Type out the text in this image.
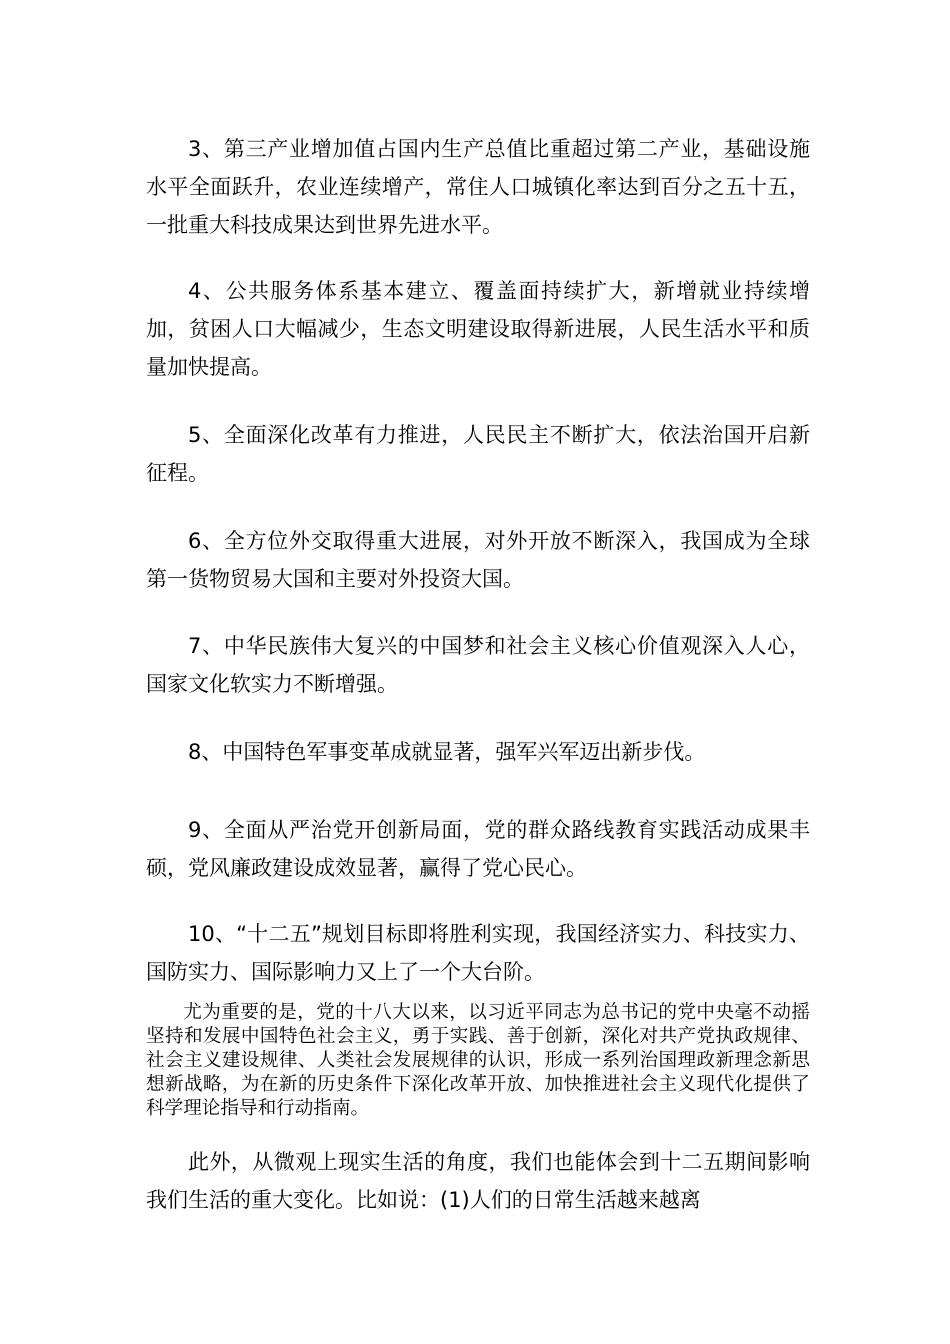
3、第三产业增加值占国内生产总值比重超过第二产业，基础设施水平全面跃升，农业连续增产，常住人口城镇化率达到百分之五十五，一批重大科技成果达到世界先进水平。

4、公共服务体系基本建立、覆盖面持续扩大，新增就业持续增加，贫困人口大幅减少，生态文明建设取得新进展，人民生活水平和质量加快提高。

5、全面深化改革有力推进，人民民主不断扩大，依法治国开启新征程。

6、全方位外交取得重大进展，对外开放不断深入，我国成为全球第一货物贸易大国和主要对外投资大国。

7、中华民族伟大复兴的中国梦和社会主义核心价值观深入人心，国家文化软实力不断增强。

8、中国特色军事变革成就显著，强军兴军迈出新步伐。

9、全面从严治党开创新局面，党的群众路线教育实践活动成果丰硕，党风廉政建设成效显著，赢得了党心民心。

10、“十二五”规划目标即将胜利实现，我国经济实力、科技实力、国防实力、国际影响力又上了一个大台阶。

尤为重要的是，党的十八大以来，以习近平同志为总书记的党中央毫不动摇坚持和发展中国特色社会主义，勇于实践、善于创新，深化对共产党执政规律、社会主义建设规律、人类社会发展规律的认识，形成一系列治国理政新理念新思想新战略，为在新的历史条件下深化改革开放、加快推进社会主义现代化提供了科学理论指导和行动指南。

此外，从微观上现实生活的角度，我们也能体会到十二五期间影响我们生活的重大变化。比如说：(1)人们的日常生活越来越离
